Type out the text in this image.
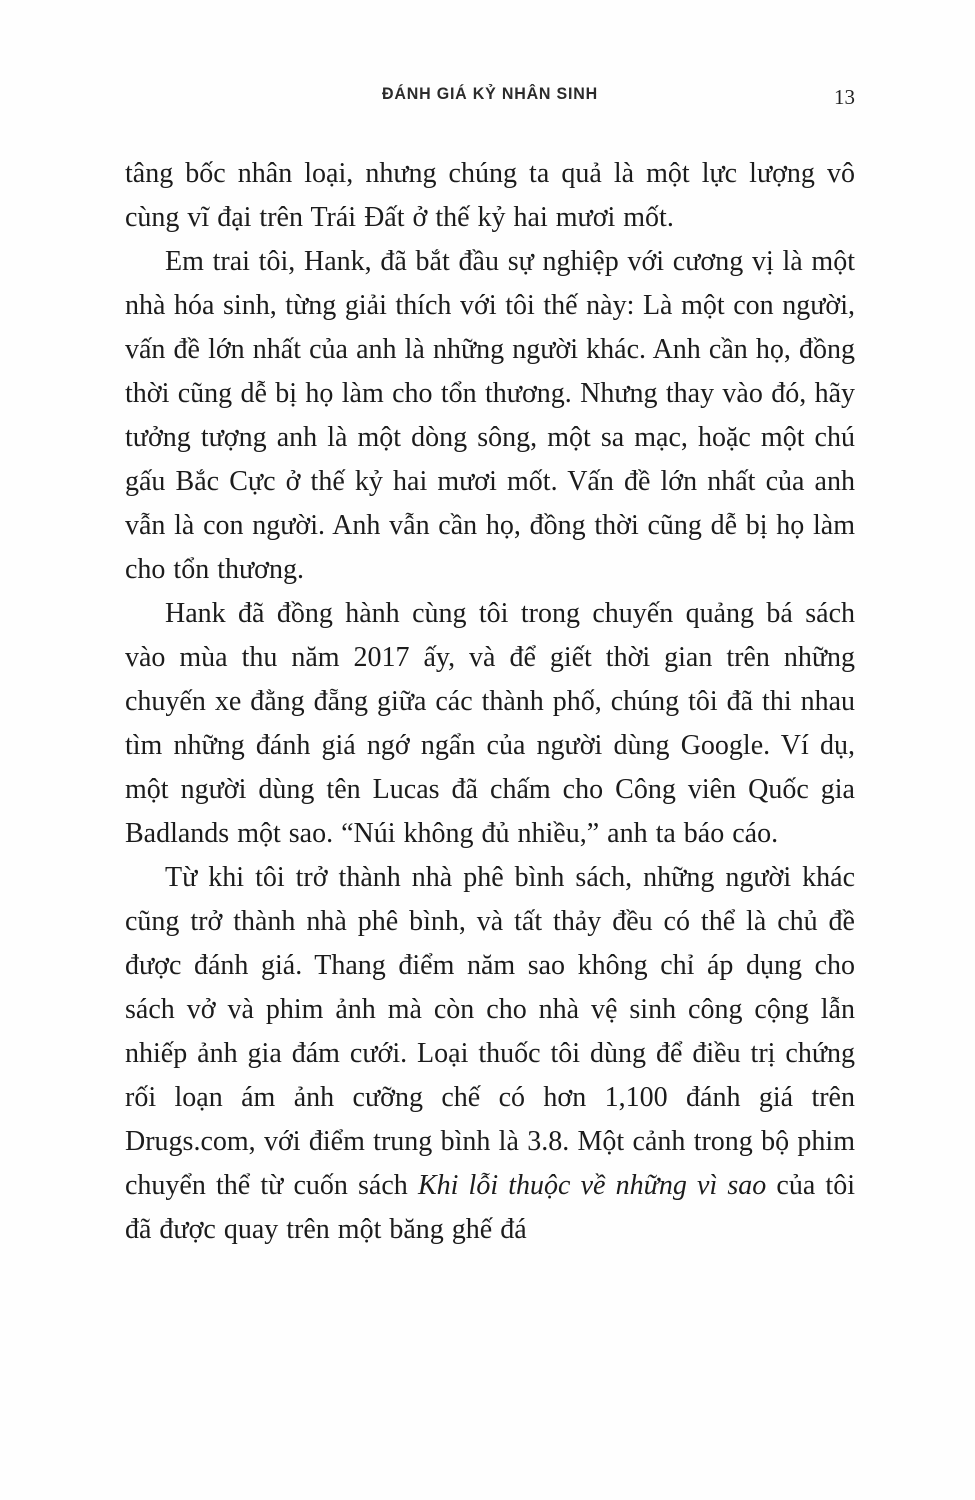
ĐÁNH GIÁ KỶ NHÂN SINH	13

tâng bốc nhân loại, nhưng chúng ta quả là một lực lượng vô cùng vĩ đại trên Trái Đất ở thế kỷ hai mươi mốt.

Em trai tôi, Hank, đã bắt đầu sự nghiệp với cương vị là một nhà hóa sinh, từng giải thích với tôi thế này: Là một con người, vấn đề lớn nhất của anh là những người khác. Anh cần họ, đồng thời cũng dễ bị họ làm cho tổn thương. Nhưng thay vào đó, hãy tưởng tượng anh là một dòng sông, một sa mạc, hoặc một chú gấu Bắc Cực ở thế kỷ hai mươi mốt. Vấn đề lớn nhất của anh vẫn là con người. Anh vẫn cần họ, đồng thời cũng dễ bị họ làm cho tổn thương.

Hank đã đồng hành cùng tôi trong chuyến quảng bá sách vào mùa thu năm 2017 ấy, và để giết thời gian trên những chuyến xe đằng đẵng giữa các thành phố, chúng tôi đã thi nhau tìm những đánh giá ngớ ngẩn của người dùng Google. Ví dụ, một người dùng tên Lucas đã chấm cho Công viên Quốc gia Badlands một sao. “Núi không đủ nhiều,” anh ta báo cáo.

Từ khi tôi trở thành nhà phê bình sách, những người khác cũng trở thành nhà phê bình, và tất thảy đều có thể là chủ đề được đánh giá. Thang điểm năm sao không chỉ áp dụng cho sách vở và phim ảnh mà còn cho nhà vệ sinh công cộng lẫn nhiếp ảnh gia đám cưới. Loại thuốc tôi dùng để điều trị chứng rối loạn ám ảnh cưỡng chế có hơn 1,100 đánh giá trên Drugs.com, với điểm trung bình là 3.8. Một cảnh trong bộ phim chuyển thể từ cuốn sách Khi lỗi thuộc về những vì sao của tôi đã được quay trên một băng ghế đá
